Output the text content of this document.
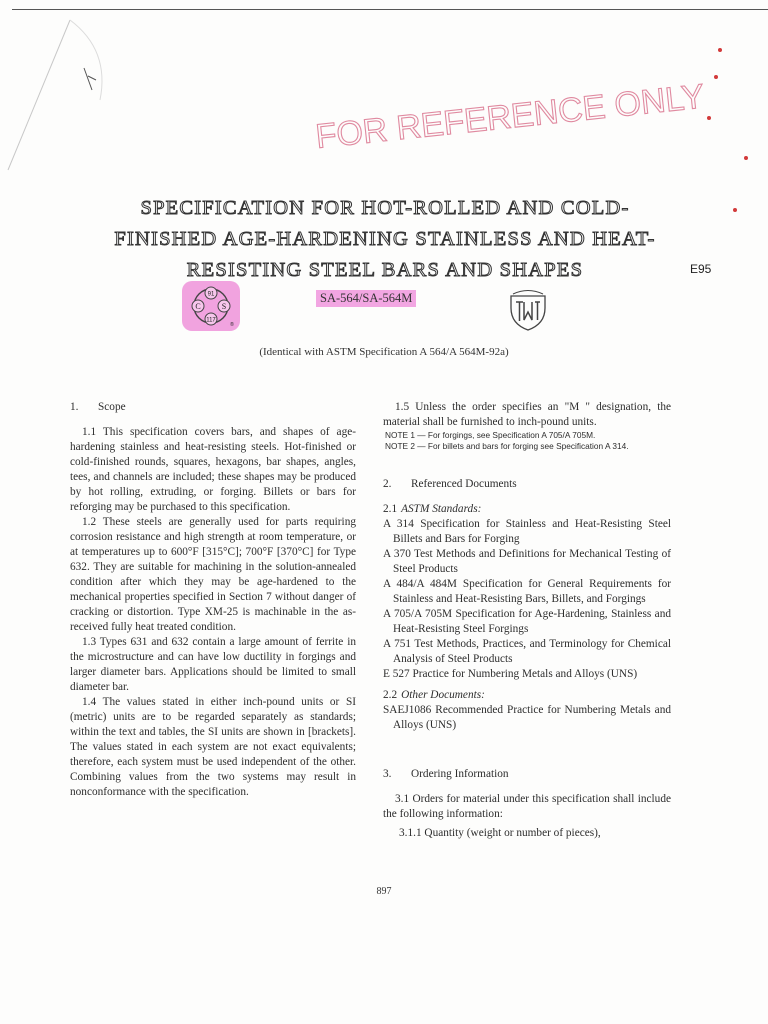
FOR REFERENCE ONLY
SPECIFICATION FOR HOT-ROLLED AND COLD-
FINISHED AGE-HARDENING STAINLESS AND HEAT-
RESISTING STEEL BARS AND SHAPES	E95
91
117
C	S
®
SA-564/SA-564M
(Identical with ASTM Specification A 564/A 564M-92a)
1. Scope

1.1 This specification covers bars, and shapes of age-hardening stainless and heat-resisting steels. Hot-finished or cold-finished rounds, squares, hexagons, bar shapes, angles, tees, and channels are included; these shapes may be produced by hot rolling, extruding, or forging. Billets or bars for reforging may be purchased to this specification.

1.2 These steels are generally used for parts requiring corrosion resistance and high strength at room temperature, or at temperatures up to 600°F [315°C]; 700°F [370°C] for Type 632. They are suitable for machining in the solution-annealed condition after which they may be age-hardened to the mechanical properties specified in Section 7 without danger of cracking or distortion. Type XM-25 is machinable in the as-received fully heat treated condition.

1.3 Types 631 and 632 contain a large amount of ferrite in the microstructure and can have low ductility in forgings and larger diameter bars. Applications should be limited to small diameter bar.

1.4 The values stated in either inch-pound units or SI (metric) units are to be regarded separately as standards; within the text and tables, the SI units are shown in [brackets]. The values stated in each system are not exact equivalents; therefore, each system must be used independent of the other. Combining values from the two systems may result in nonconformance with the specification.

1.5 Unless the order specifies an "M " designation, the material shall be furnished to inch-pound units.

NOTE 1 — For forgings, see Specification A 705/A 705M.

NOTE 2 — For billets and bars for forging see Specification A 314.

2. Referenced Documents

2.1 ASTM Standards:

A 314 Specification for Stainless and Heat-Resisting Steel Billets and Bars for Forging

A 370 Test Methods and Definitions for Mechanical Testing of Steel Products

A 484/A 484M Specification for General Requirements for Stainless and Heat-Resisting Bars, Billets, and Forgings

A 705/A 705M Specification for Age-Hardening, Stainless and Heat-Resisting Steel Forgings

A 751 Test Methods, Practices, and Terminology for Chemical Analysis of Steel Products

E 527 Practice for Numbering Metals and Alloys (UNS)

2.2 Other Documents:

SAEJ1086 Recommended Practice for Numbering Metals and Alloys (UNS)

3. Ordering Information

3.1 Orders for material under this specification shall include the following information:

3.1.1 Quantity (weight or number of pieces),

897
